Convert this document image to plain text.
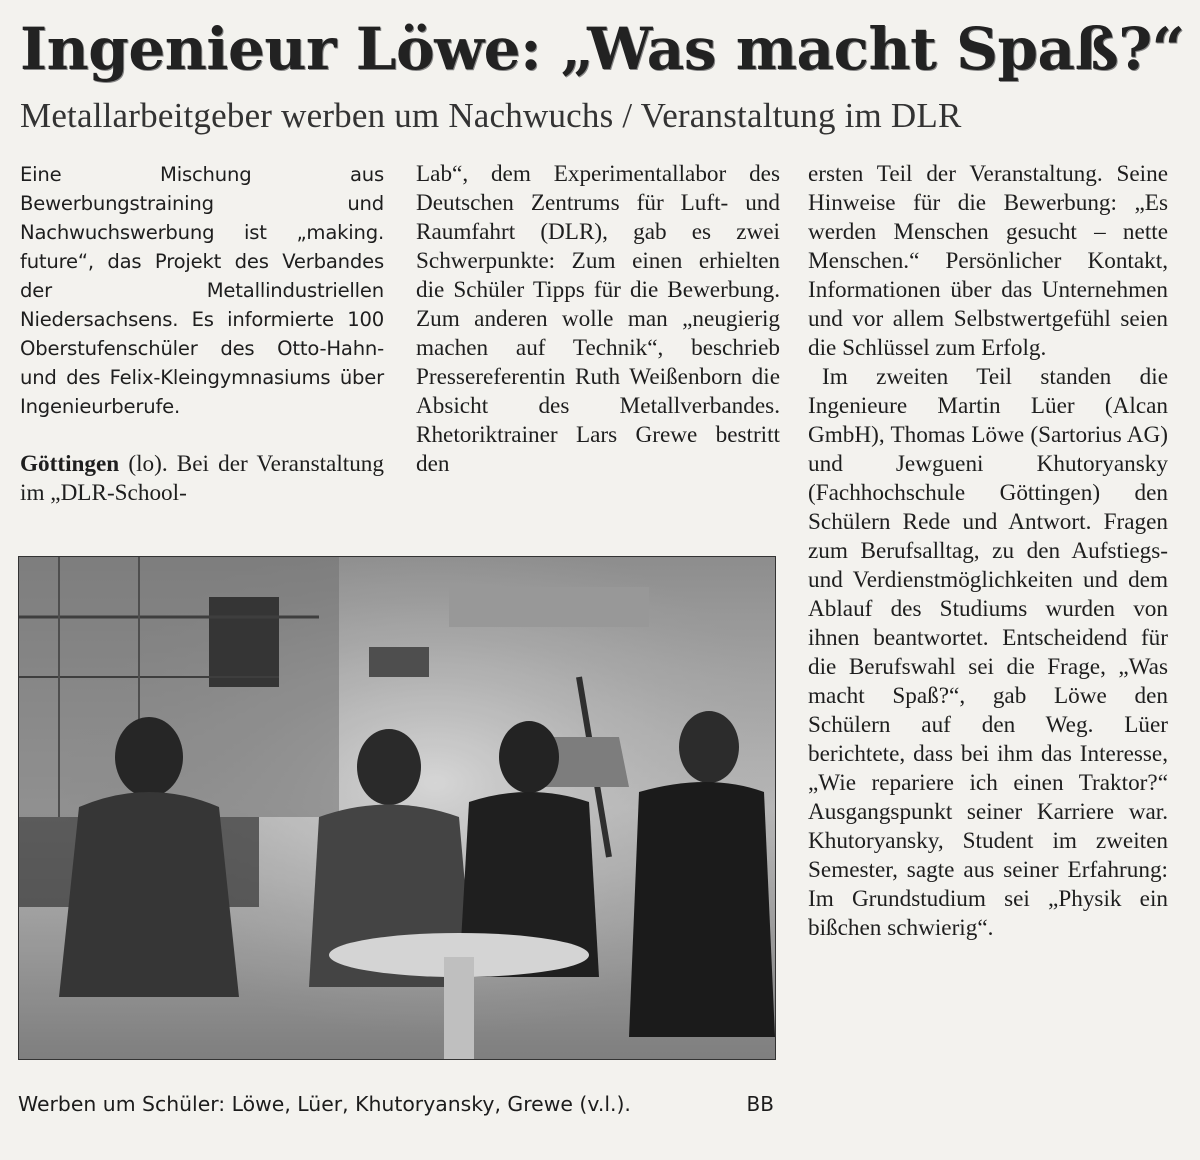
Ingenieur Löwe: „Was macht Spaß?“
Metallarbeitgeber werben um Nachwuchs / Veranstaltung im DLR

Eine Mischung aus Bewerbungstraining und Nachwuchswerbung ist „making. future“, das Projekt des Verbandes der Metallindustriellen Niedersachsens. Es informierte 100 Oberstufenschüler des Otto-Hahn- und des Felix-Kleingymnasiums über Ingenieurberufe.

Göttingen (lo). Bei der Veranstaltung im „DLR-School-

Lab“, dem Experimentallabor des Deutschen Zentrums für Luft- und Raumfahrt (DLR), gab es zwei Schwerpunkte: Zum einen erhielten die Schüler Tipps für die Bewerbung. Zum anderen wolle man „neugierig machen auf Technik“, beschrieb Pressereferentin Ruth Weißenborn die Absicht des Metallverbandes. Rhetoriktrainer Lars Grewe bestritt den

ersten Teil der Veranstaltung. Seine Hinweise für die Bewerbung: „Es werden Menschen gesucht – nette Menschen.“ Persönlicher Kontakt, Informationen über das Unternehmen und vor allem Selbstwertgefühl seien die Schlüssel zum Erfolg.

Im zweiten Teil standen die Ingenieure Martin Lüer (Alcan GmbH), Thomas Löwe (Sartorius AG) und Jewgueni Khutoryansky (Fachhochschule Göttingen) den Schülern Rede und Antwort. Fragen zum Berufsalltag, zu den Aufstiegs- und Verdienstmöglichkeiten und dem Ablauf des Studiums wurden von ihnen beantwortet. Entscheidend für die Berufswahl sei die Frage, „Was macht Spaß?“, gab Löwe den Schülern auf den Weg. Lüer berichtete, dass bei ihm das Interesse, „Wie repariere ich einen Traktor?“ Ausgangspunkt seiner Karriere war. Khutoryansky, Student im zweiten Semester, sagte aus seiner Erfahrung: Im Grundstudium sei „Physik ein bißchen schwierig“.

Werben um Schüler: Löwe, Lüer, Khutoryansky, Grewe (v.l.).	BB
